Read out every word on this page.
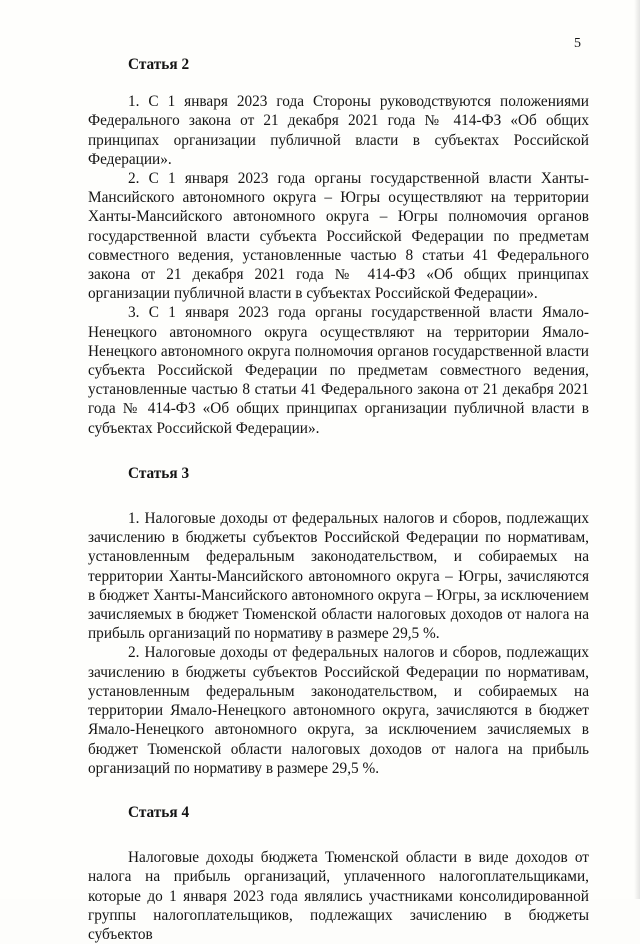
5
Статья 2

1. С 1 января 2023 года Стороны руководствуются положениями Федерального закона от 21 декабря 2021 года № 414-ФЗ «Об общих принципах организации публичной власти в субъектах Российской Федерации».

2. С 1 января 2023 года органы государственной власти Ханты-Мансийского автономного округа – Югры осуществляют на территории Ханты-Мансийского автономного округа – Югры полномочия органов государственной власти субъекта Российской Федерации по предметам совместного ведения, установленные частью 8 статьи 41 Федерального закона от 21 декабря 2021 года № 414-ФЗ «Об общих принципах организации публичной власти в субъектах Российской Федерации».

3. С 1 января 2023 года органы государственной власти Ямало-Ненецкого автономного округа осуществляют на территории Ямало-Ненецкого автономного округа полномочия органов государственной власти субъекта Российской Федерации по предметам совместного ведения, установленные частью 8 статьи 41 Федерального закона от 21 декабря 2021 года № 414-ФЗ «Об общих принципах организации публичной власти в субъектах Российской Федерации».

Статья 3

1. Налоговые доходы от федеральных налогов и сборов, подлежащих зачислению в бюджеты субъектов Российской Федерации по нормативам, установленным федеральным законодательством, и собираемых на территории Ханты-Мансийского автономного округа – Югры, зачисляются в бюджет Ханты-Мансийского автономного округа – Югры, за исключением зачисляемых в бюджет Тюменской области налоговых доходов от налога на прибыль организаций по нормативу в размере 29,5 %.

2. Налоговые доходы от федеральных налогов и сборов, подлежащих зачислению в бюджеты субъектов Российской Федерации по нормативам, установленным федеральным законодательством, и собираемых на территории Ямало-Ненецкого автономного округа, зачисляются в бюджет Ямало-Ненецкого автономного округа, за исключением зачисляемых в бюджет Тюменской области налоговых доходов от налога на прибыль организаций по нормативу в размере 29,5 %.

Статья 4

Налоговые доходы бюджета Тюменской области в виде доходов от налога на прибыль организаций, уплаченного налогоплательщиками, которые до 1 января 2023 года являлись участниками консолидированной группы налогоплательщиков, подлежащих зачислению в бюджеты субъектов
